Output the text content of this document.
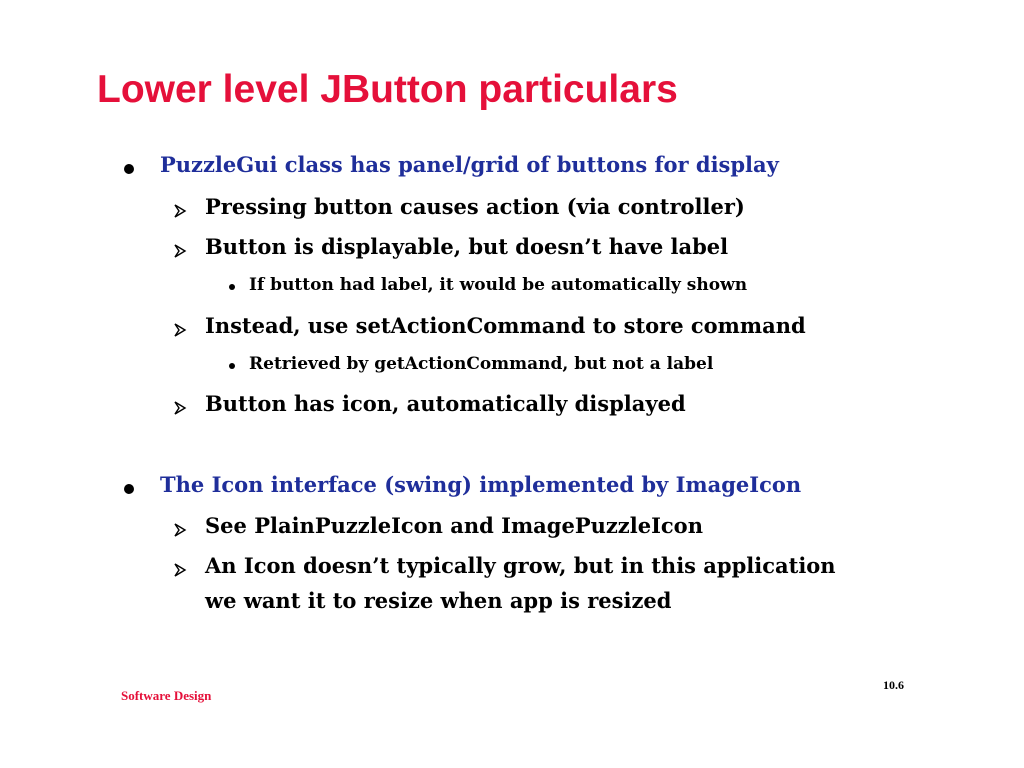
Lower level JButton particulars
PuzzleGui class has panel/grid of buttons for display
Pressing button causes action (via controller)
Button is displayable, but doesn’t have label
If button had label, it would be automatically shown
Instead, use setActionCommand to store command
Retrieved by getActionCommand, but not a label
Button has icon, automatically displayed
The Icon interface (swing) implemented by ImageIcon
See PlainPuzzleIcon and ImagePuzzleIcon
An Icon doesn’t typically grow, but in this application
we want it to resize when app is resized
Software Design
10.6
